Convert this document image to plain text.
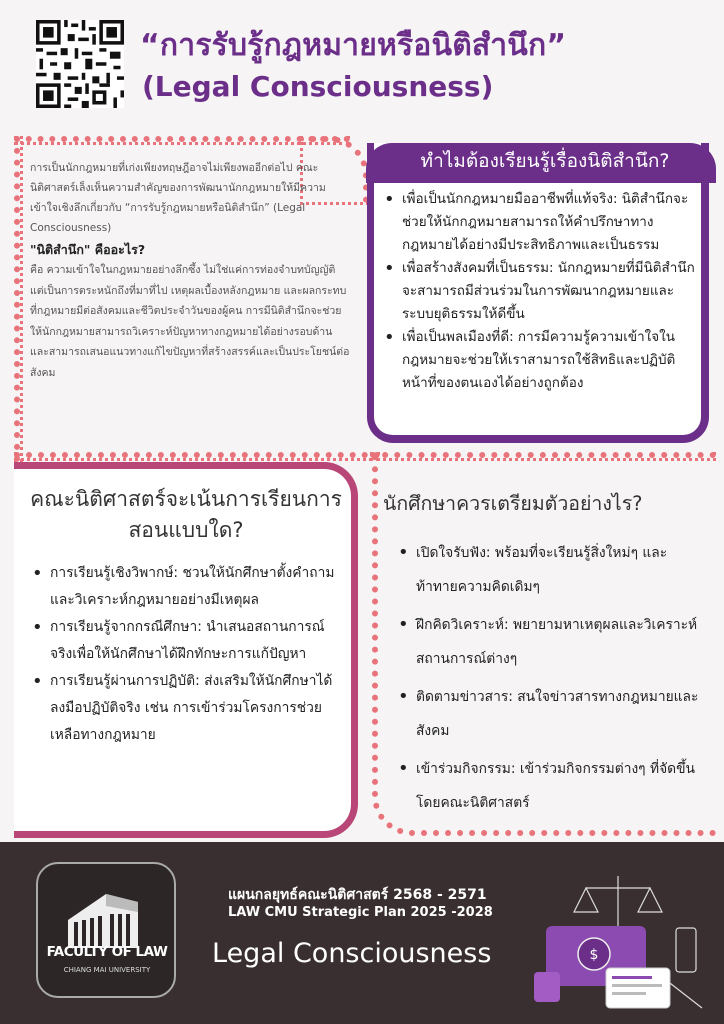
“การรับรู้กฎหมายหรือนิติสำนึก”
(Legal Consciousness)

การเป็นนักกฎหมายที่เก่งเพียงทฤษฎีอาจไม่เพียงพออีกต่อไป คณะนิติศาสตร์เล็งเห็นความสำคัญของการพัฒนานักกฎหมายให้มีความเข้าใจเชิงลึกเกี่ยวกับ “การรับรู้กฎหมายหรือนิติสำนึก” (Legal Consciousness)

"นิติสำนึก" คืออะไร?

คือ ความเข้าใจในกฎหมายอย่างลึกซึ้ง ไม่ใช่แค่การท่องจำบทบัญญัติ แต่เป็นการตระหนักถึงที่มาที่ไป เหตุผลเบื้องหลังกฎหมาย และผลกระทบที่กฎหมายมีต่อสังคมและชีวิตประจำวันของผู้คน การมีนิติสำนึกจะช่วยให้นักกฎหมายสามารถวิเคราะห์ปัญหาทางกฎหมายได้อย่างรอบด้าน และสามารถเสนอแนวทางแก้ไขปัญหาที่สร้างสรรค์และเป็นประโยชน์ต่อสังคม

ทำไมต้องเรียนรู้เรื่องนิติสำนึก?
• เพื่อเป็นนักกฎหมายมืออาชีพที่แท้จริง: นิติสำนึกจะช่วยให้นักกฎหมายสามารถให้คำปรึกษาทางกฎหมายได้อย่างมีประสิทธิภาพและเป็นธรรม
• เพื่อสร้างสังคมที่เป็นธรรม: นักกฎหมายที่มีนิติสำนึกจะสามารถมีส่วนร่วมในการพัฒนากฎหมายและระบบยุติธรรมให้ดีขึ้น
• เพื่อเป็นพลเมืองที่ดี: การมีความรู้ความเข้าใจในกฎหมายจะช่วยให้เราสามารถใช้สิทธิและปฏิบัติหน้าที่ของตนเองได้อย่างถูกต้อง
คณะนิติศาสตร์จะเน้นการเรียนการสอนแบบใด?
• การเรียนรู้เชิงวิพากษ์: ชวนให้นักศึกษาตั้งคำถามและวิเคราะห์กฎหมายอย่างมีเหตุผล
• การเรียนรู้จากกรณีศึกษา: นำเสนอสถานการณ์จริงเพื่อให้นักศึกษาได้ฝึกทักษะการแก้ปัญหา
• การเรียนรู้ผ่านการปฏิบัติ: ส่งเสริมให้นักศึกษาได้ลงมือปฏิบัติจริง เช่น การเข้าร่วมโครงการช่วยเหลือทางกฎหมาย
นักศึกษาควรเตรียมตัวอย่างไร?
• เปิดใจรับฟัง: พร้อมที่จะเรียนรู้สิ่งใหม่ๆ และท้าทายความคิดเดิมๆ
• ฝึกคิดวิเคราะห์: พยายามหาเหตุผลและวิเคราะห์สถานการณ์ต่างๆ
• ติดตามข่าวสาร: สนใจข่าวสารทางกฎหมายและสังคม
• เข้าร่วมกิจกรรม: เข้าร่วมกิจกรรมต่างๆ ที่จัดขึ้นโดยคณะนิติศาสตร์
FACULTY OF LAW
CHIANG MAI UNIVERSITY
แผนกลยุทธ์คณะนิติศาสตร์ 2568 - 2571
LAW CMU Strategic Plan 2025 -2028
Legal Consciousness	$
